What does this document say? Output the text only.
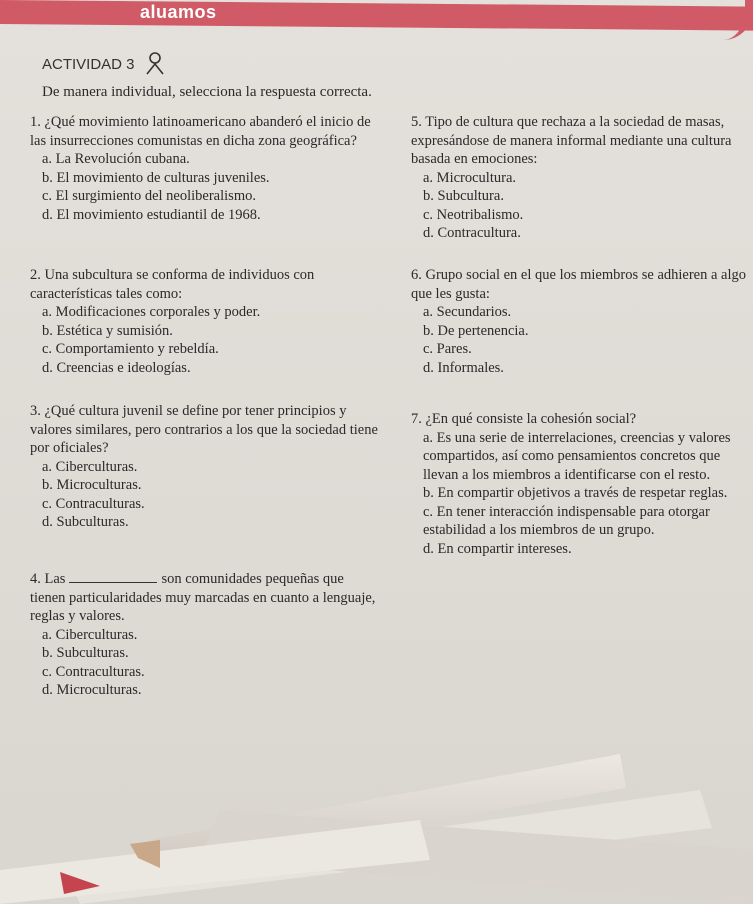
aluamos
ACTIVIDAD 3
De manera individual, selecciona la respuesta correcta.
1. ¿Qué movimiento latinoamericano abanderó el inicio de las insurrecciones comunistas en dicha zona geográfica?
a. La Revolución cubana.
b. El movimiento de culturas juveniles.
c. El surgimiento del neoliberalismo.
d. El movimiento estudiantil de 1968.
2. Una subcultura se conforma de individuos con características tales como:
a. Modificaciones corporales y poder.
b. Estética y sumisión.
c. Comportamiento y rebeldía.
d. Creencias e ideologías.
3. ¿Qué cultura juvenil se define por tener principios y valores similares, pero contrarios a los que la sociedad tiene por oficiales?
a. Ciberculturas.
b. Microculturas.
c. Contraculturas.
d. Subculturas.
4. Las	son comunidades pequeñas que tienen particularidades muy marcadas en cuanto a lenguaje, reglas y valores.
a. Ciberculturas.
b. Subculturas.
c. Contraculturas.
d. Microculturas.
5. Tipo de cultura que rechaza a la sociedad de masas, expresándose de manera informal mediante una cultura basada en emociones:
a. Microcultura.
b. Subcultura.
c. Neotribalismo.
d. Contracultura.
6. Grupo social en el que los miembros se adhieren a algo que les gusta:
a. Secundarios.
b. De pertenencia.
c. Pares.
d. Informales.
7. ¿En qué consiste la cohesión social?
a. Es una serie de interrelaciones, creencias y valores compartidos, así como pensamientos concretos que llevan a los miembros a identificarse con el resto.
b. En compartir objetivos a través de respetar reglas.
c. En tener interacción indispensable para otorgar estabilidad a los miembros de un grupo.
d. En compartir intereses.
